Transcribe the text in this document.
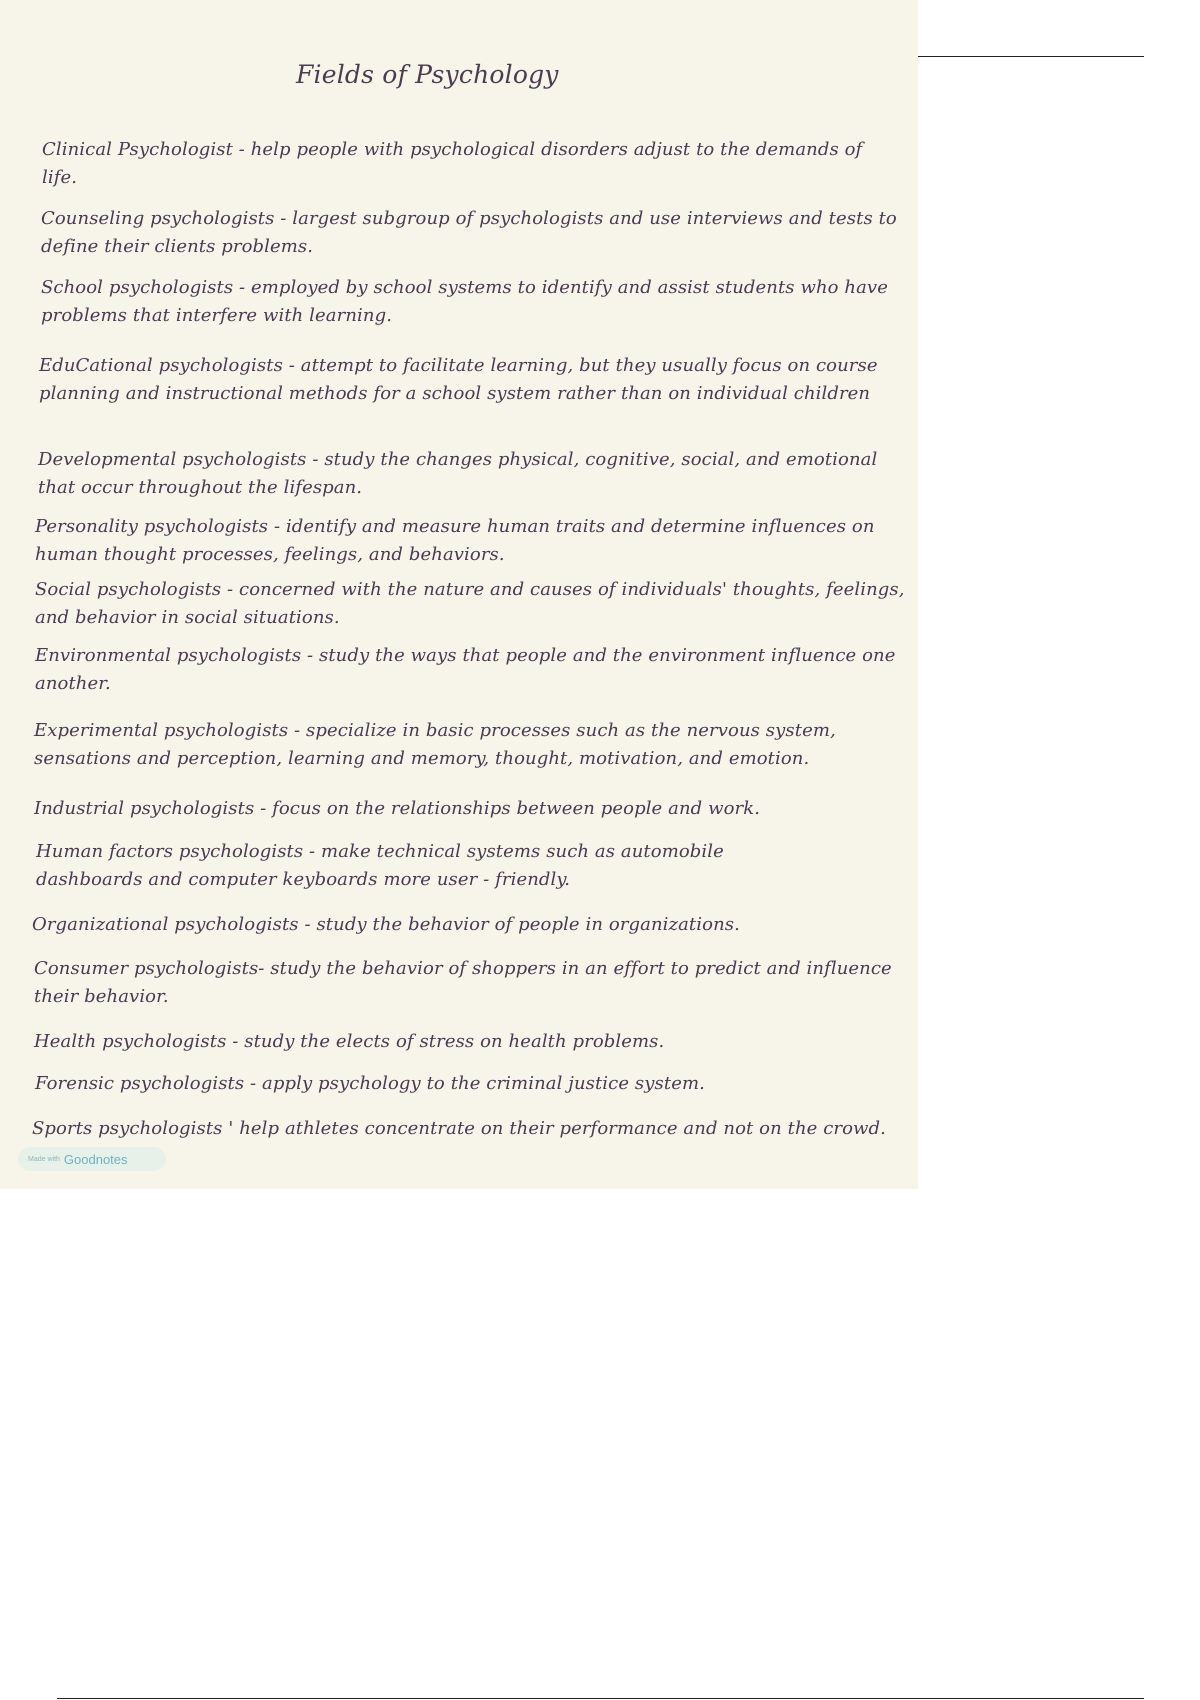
Fields of Psychology

Clinical Psychologist - help people with psychological disorders adjust to the demands of life.

Counseling psychologists - largest subgroup of psychologists and use interviews and tests to define their clients problems.

School psychologists - employed by school systems to identify and assist students who have problems that interfere with learning.

EduCational psychologists - attempt to facilitate learning, but they usually focus on course planning and instructional methods for a school system rather than on individual children

Developmental psychologists - study the changes physical, cognitive, social, and emotional that occur throughout the lifespan.

Personality psychologists - identify and measure human traits and determine influences on human thought processes, feelings, and behaviors.

Social psychologists - concerned with the nature and causes of individuals' thoughts, feelings, and behavior in social situations.

Environmental psychologists - study the ways that people and the environment influence one another.

Experimental psychologists - specialize in basic processes such as the nervous system, sensations and perception, learning and memory, thought, motivation, and emotion.

Industrial psychologists - focus on the relationships between people and work.

Human factors psychologists - make technical systems such as automobile dashboards and computer keyboards more user - friendly.

Organizational psychologists - study the behavior of people in organizations.

Consumer psychologists- study the behavior of shoppers in an effort to predict and influence their behavior.

Health psychologists - study the elects of stress on health problems.

Forensic psychologists - apply psychology to the criminal justice system.

Sports psychologists ' help athletes concentrate on their performance and not on the crowd.

Made with Goodnotes
